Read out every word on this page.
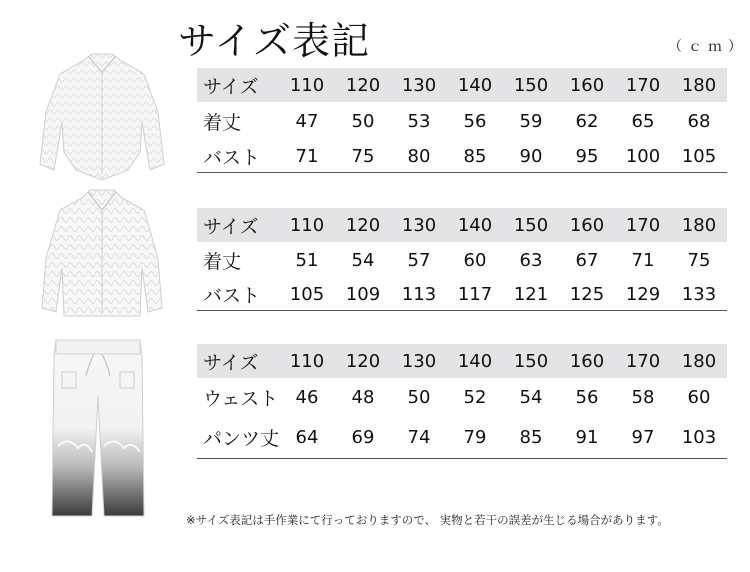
サイズ表記	（ｃｍ）
サイズ	110	120	130	140	150	160	170	180
着丈	47	50	53	56	59	62	65	68
バスト	71	75	80	85	90	95	100	105
サイズ	110	120	130	140	150	160	170	180
着丈	51	54	57	60	63	67	71	75
バスト	105	109	113	117	121	125	129	133
サイズ	110	120	130	140	150	160	170	180
ウェスト 46	48	50	52	54	56	58	60
パンツ丈 64	69	74	79	85	91	97	103
※サイズ表記は手作業にて行っておりますので、 実物と若干の誤差が生じる場合があります。
